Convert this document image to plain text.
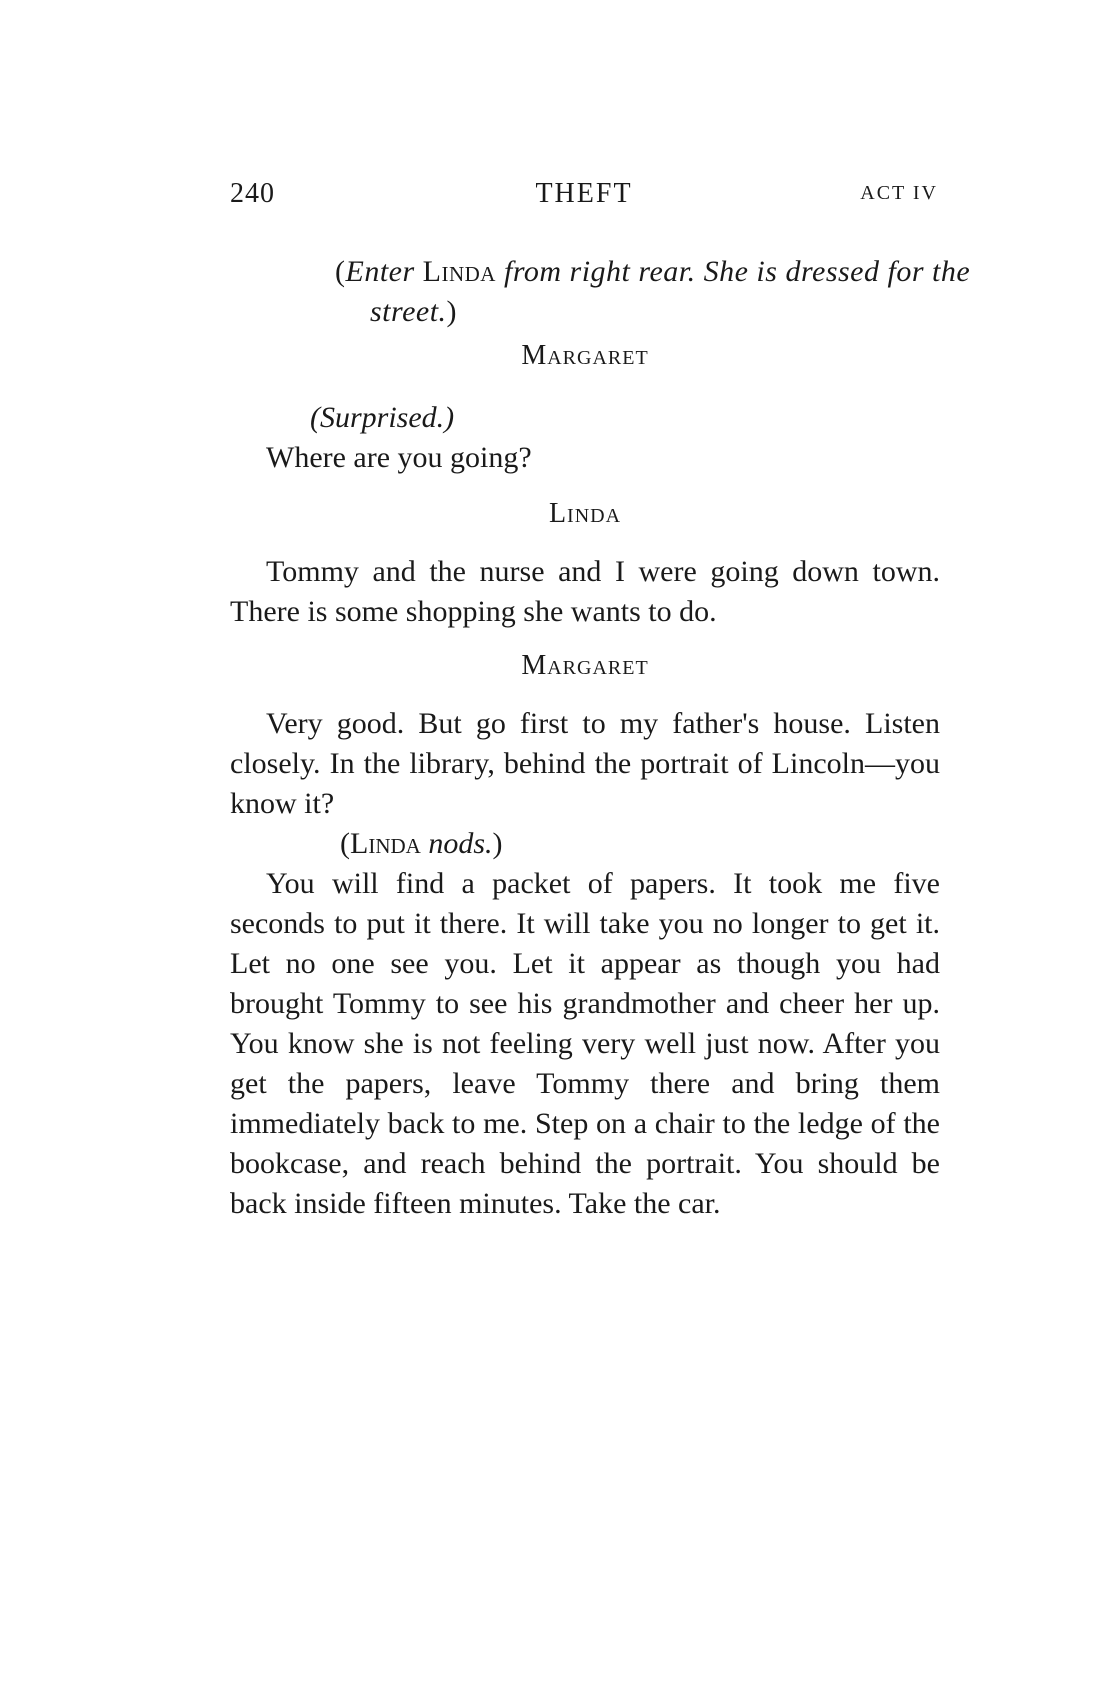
240	THEFT	ACT IV
(Enter Linda from right rear. She is dressed for the street.)
Margaret
(Surprised.)
Where are you going?
Linda
Tommy and the nurse and I were going down town. There is some shopping she wants to do.
Margaret
Very good. But go first to my father's house. Listen closely. In the library, behind the portrait of Lincoln—you know it?
(Linda nods.)
You will find a packet of papers. It took me five seconds to put it there. It will take you no longer to get it. Let no one see you. Let it appear as though you had brought Tommy to see his grandmother and cheer her up. You know she is not feeling very well just now. After you get the papers, leave Tommy there and bring them immediately back to me. Step on a chair to the ledge of the bookcase, and reach behind the portrait. You should be back inside fifteen minutes. Take the car.
